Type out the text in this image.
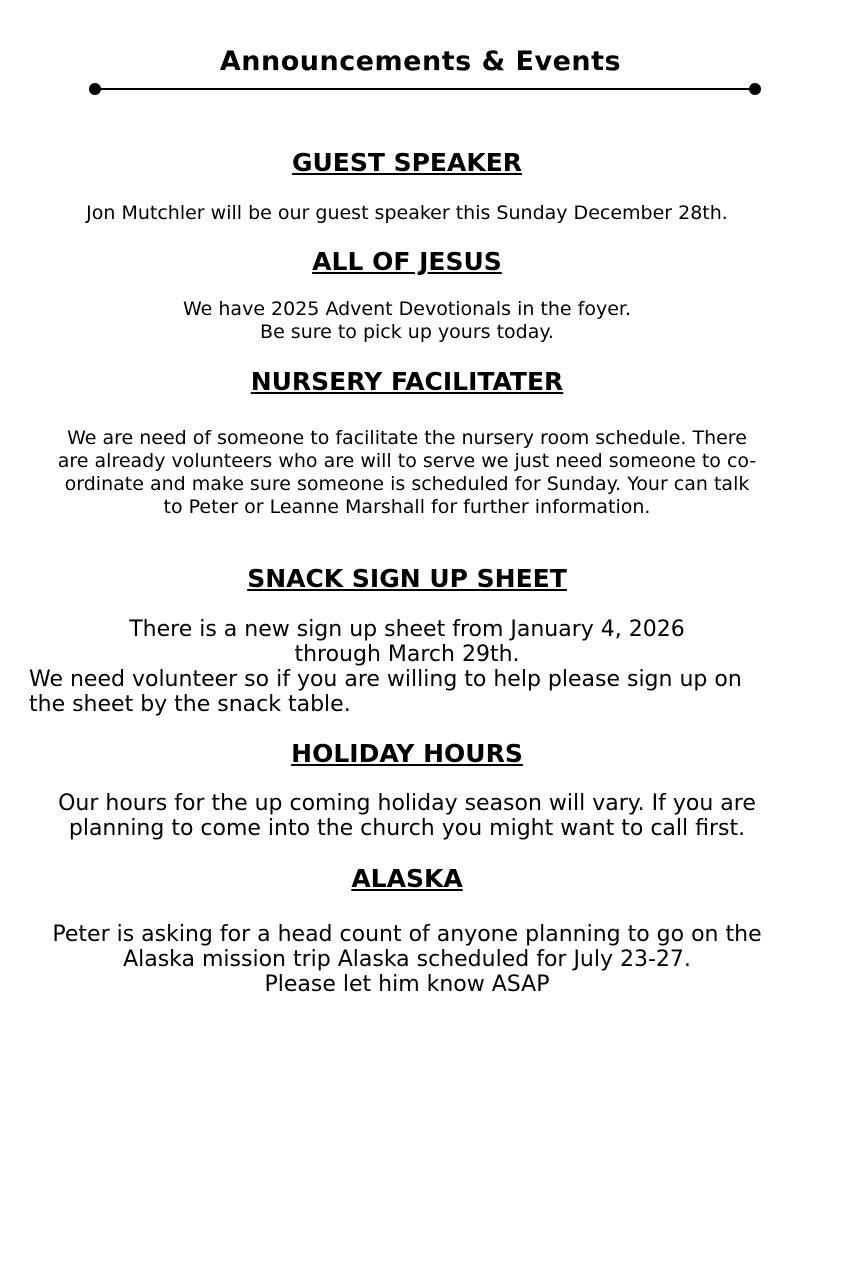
Announcements & Events
GUEST SPEAKER

Jon Mutchler will be our guest speaker this Sunday December 28th.

ALL OF JESUS

We have 2025 Advent Devotionals in the foyer.

Be sure to pick up yours today.

NURSERY FACILITATER

We are need of someone to facilitate the nursery room schedule. There

are already volunteers who are will to serve we just need someone to co-

ordinate and make sure someone is scheduled for Sunday. Your can talk

to Peter or Leanne Marshall for further information.

SNACK SIGN UP SHEET

There is a new sign up sheet from January 4, 2026

through March 29th.

We need volunteer so if you are willing to help please sign up on

the sheet by the snack table.

HOLIDAY HOURS

Our hours for the up coming holiday season will vary. If you are

planning to come into the church you might want to call first.

ALASKA

Peter is asking for a head count of anyone planning to go on the

Alaska mission trip Alaska scheduled for July 23-27.

Please let him know ASAP
